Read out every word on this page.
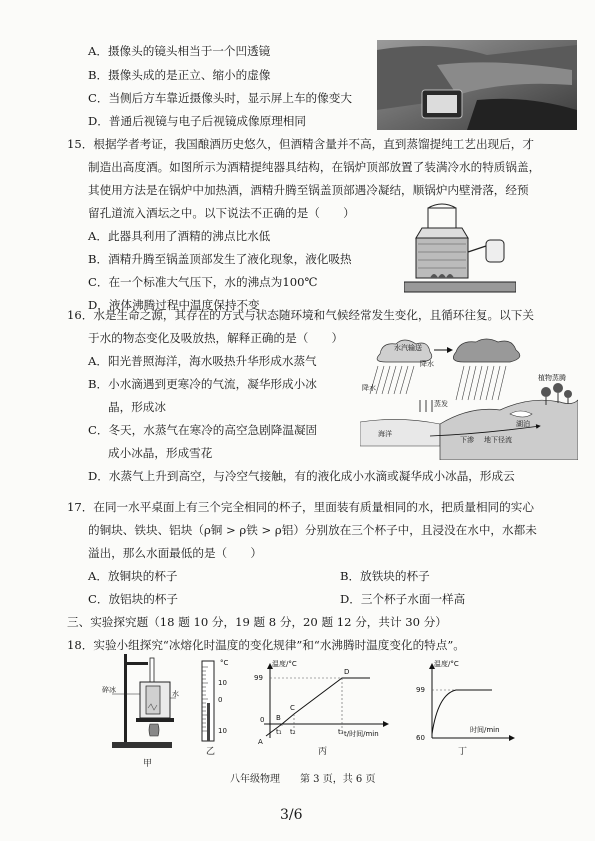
A．摄像头的镜头相当于一个凹透镜
B．摄像头成的是正立、缩小的虚像
C．当侧后方车靠近摄像头时，显示屏上车的像变大
D．普通后视镜与电子后视镜成像原理相同
15．根据学者考证，我国酿酒历史悠久，但酒精含量并不高，直到蒸馏提纯工艺出现后，才
制造出高度酒。如图所示为酒精提纯器具结构，在锅炉顶部放置了装满冷水的特质锅盖，
其使用方法是在锅炉中加热酒，酒精升腾至锅盖顶部遇冷凝结，顺锅炉内壁滑落，经预
留孔道流入酒坛之中。以下说法不正确的是（　　）
A．此器具利用了酒精的沸点比水低
B．酒精升腾至锅盖顶部发生了液化现象，液化吸热
C．在一个标准大气压下，水的沸点为100℃
D．液体沸腾过程中温度保持不变
16．水是生命之源，其存在的方式与状态随环境和气候经常发生变化，且循环往复。以下关
于水的物态变化及吸放热，解释正确的是（　　）
A．阳光普照海洋，海水吸热升华形成水蒸气
B．小水滴遇到更寒冷的气流，凝华形成小冰
晶，形成冰
C．冬天，水蒸气在寒冷的高空急剧降温凝固
成小冰晶，形成雪花
D．水蒸气上升到高空，与冷空气接触，有的液化成小水滴或凝华成小冰晶，形成云
水汽输送
降水
降水
蒸发
植物蒸腾
湖泊
海洋
下渗 地下径流
17．在同一水平桌面上有三个完全相同的杯子，里面装有质量相同的水，把质量相同的实心
的铜块、铁块、铝块（ρ铜 > ρ铁 > ρ铝）分别放在三个杯子中，且浸没在水中，水都未
溢出，那么水面最低的是（　　）
A．放铜块的杯子	B．放铁块的杯子
C．放铝块的杯子	D．三个杯子水面一样高
三、实验探究题（18 题 10 分，19 题 8 分，20 题 12 分，共计 30 分）
18．实验小组探究“冰熔化时温度的变化规律”和“水沸腾时温度变化的特点”。
碎冰	水
甲
°C
10
0
10
乙
温度/°C
t/时间/min
99
0
A
B
C
D
t₁ t₂	t₃
丙
温度/°C
时间/min
99
60
丁
八年级物理　　第 3 页，共 6 页
3/6
